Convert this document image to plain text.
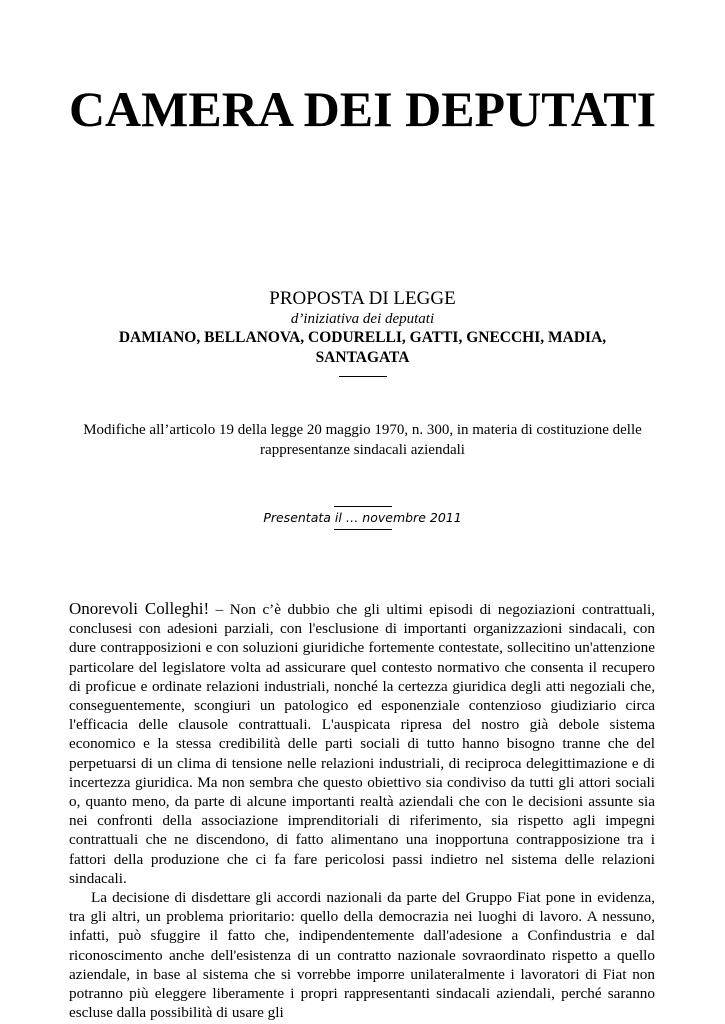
CAMERA DEI DEPUTATI
PROPOSTA DI LEGGE
d’iniziativa dei deputati
DAMIANO, BELLANOVA, CODURELLI, GATTI, GNECCHI, MADIA, SANTAGATA
Modifiche all’articolo 19 della legge 20 maggio 1970, n. 300, in materia di costituzione delle rappresentanze sindacali aziendali
Presentata il … novembre 2011

Onorevoli Colleghi! – Non c’è dubbio che gli ultimi episodi di negoziazioni contrattuali, conclusesi con adesioni parziali, con l'esclusione di importanti organizzazioni sindacali, con dure contrapposizioni e con soluzioni giuridiche fortemente contestate, sollecitino un'attenzione particolare del legislatore volta ad assicurare quel contesto normativo che consenta il recupero di proficue e ordinate relazioni industriali, nonché la certezza giuridica degli atti negoziali che, conseguentemente, scongiuri un patologico ed esponenziale contenzioso giudiziario circa l'efficacia delle clausole contrattuali. L'auspicata ripresa del nostro già debole sistema economico e la stessa credibilità delle parti sociali di tutto hanno bisogno tranne che del perpetuarsi di un clima di tensione nelle relazioni industriali, di reciproca delegittimazione e di incertezza giuridica. Ma non sembra che questo obiettivo sia condiviso da tutti gli attori sociali o, quanto meno, da parte di alcune importanti realtà aziendali che con le decisioni assunte sia nei confronti della associazione imprenditoriali di riferimento, sia rispetto agli impegni contrattuali che ne discendono, di fatto alimentano una inopportuna contrapposizione tra i fattori della produzione che ci fa fare pericolosi passi indietro nel sistema delle relazioni sindacali.

La decisione di disdettare gli accordi nazionali da parte del Gruppo Fiat pone in evidenza, tra gli altri, un problema prioritario: quello della democrazia nei luoghi di lavoro. A nessuno, infatti, può sfuggire il fatto che, indipendentemente dall'adesione a Confindustria e dal riconoscimento anche dell'esistenza di un contratto nazionale sovraordinato rispetto a quello aziendale, in base al sistema che si vorrebbe imporre unilateralmente i lavoratori di Fiat non potranno più eleggere liberamente i propri rappresentanti sindacali aziendali, perché saranno escluse dalla possibilità di usare gli
